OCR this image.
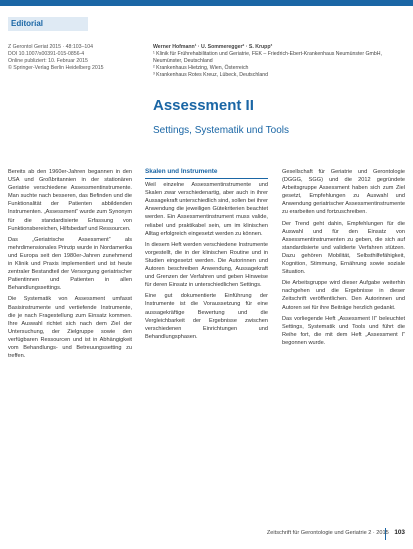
Editorial
Z Gerontol Geriat 2015 · 48:103–104
DOI 10.1007/s00391-015-0856-4
Online publiziert: 10. Februar 2015
© Springer-Verlag Berlin Heidelberg 2015
Werner Hofmann¹ · U. Sommeregger² · S. Krupp³
¹ Klinik für Frührehabilitation und Geriatrie, FEK – Friedrich-Ebert-Krankenhaus Neumünster GmbH,
Neumünster, Deutschland
² Krankenhaus Hietzing, Wien, Österreich
³ Krankenhaus Rotes Kreuz, Lübeck, Deutschland
Assessment II
Settings, Systematik und Tools

Bereits ab den 1960er-Jahren begannen in den USA und Großbritannien in der stationären Geriatrie verschiedene Assessmentinstrumente. Man suchte nach besseren, das Befinden und die Funktionalität der Patienten abbildenden Instrumenten. „Assessment“ wurde zum Synonym für die standardisierte Erfassung von Funktionsbereichen, Hilfsbedarf und Ressourcen.

Das „Geriatrische Assessment“ als mehrdimensionales Prinzip wurde in Nordamerika und Europa seit den 1980er-Jahren zunehmend in Klinik und Praxis implementiert und ist heute zentraler Bestandteil der Versorgung geriatrischer Patientinnen und Patienten in allen Behandlungssettings.

Die Systematik von Assessment umfasst Basisinstrumente und vertiefende Instrumente, die je nach Fragestellung zum Einsatz kommen. Ihre Auswahl richtet sich nach dem Ziel der Untersuchung, der Zielgruppe sowie den verfügbaren Ressourcen und ist in Abhängigkeit vom Behandlungs- und Betreuungssetting zu treffen.

Skalen und Instrumente

Weil einzelne Assessmentinstrumente und Skalen zwar verschiedenartig, aber auch in ihrer Aussagekraft unterschiedlich sind, sollen bei ihrer Anwendung die jeweiligen Gütekriterien beachtet werden. Ein Assessmentinstrument muss valide, reliabel und praktikabel sein, um im klinischen Alltag erfolgreich eingesetzt werden zu können.

In diesem Heft werden verschiedene Instrumente vorgestellt, die in der klinischen Routine und in Studien eingesetzt werden. Die Autorinnen und Autoren beschreiben Anwendung, Aussagekraft und Grenzen der Verfahren und geben Hinweise für deren Einsatz in unterschiedlichen Settings.

Eine gut dokumentierte Einführung der Instrumente ist die Voraussetzung für eine aussagekräftige Bewertung und die Vergleichbarkeit der Ergebnisse zwischen verschiedenen Einrichtungen und Behandlungsphasen.

Gesellschaft für Geriatrie und Gerontologie (DGGG, SGG) und die 2012 gegründete Arbeitsgruppe Assessment haben sich zum Ziel gesetzt, Empfehlungen zu Auswahl und Anwendung geriatrischer Assessmentinstrumente zu erarbeiten und fortzuschreiben.

Der Trend geht dahin, Empfehlungen für die Auswahl und für den Einsatz von Assessmentinstrumenten zu geben, die sich auf standardisierte und validierte Verfahren stützen. Dazu gehören Mobilität, Selbsthilfefähigkeit, Kognition, Stimmung, Ernährung sowie soziale Situation.

Die Arbeitsgruppe wird dieser Aufgabe weiterhin nachgehen und die Ergebnisse in dieser Zeitschrift veröffentlichen. Den Autorinnen und Autoren sei für ihre Beiträge herzlich gedankt.

Das vorliegende Heft „Assessment II“ beleuchtet Settings, Systematik und Tools und führt die Reihe fort, die mit dem Heft „Assessment I“ begonnen wurde.

Zeitschrift für Gerontologie und Geriatrie 2 · 2015 103
